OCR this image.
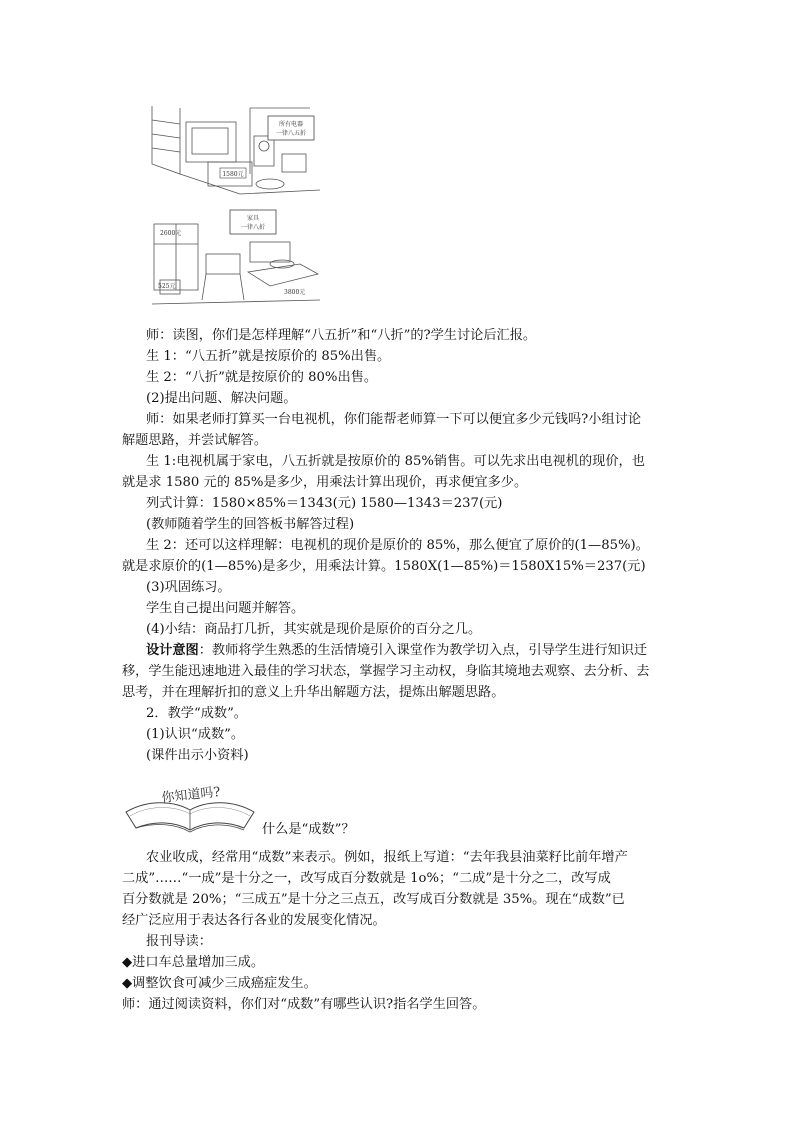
所有电器
一律八五折
1580元
家具
一律八折
2600元
525元
3800元
师：读图，你们是怎样理解“八五折”和“八折”的?学生讨论后汇报。
生 1：“八五折”就是按原价的 85%出售。
生 2：“八折”就是按原价的 80%出售。
(2)提出问题、解决问题。
师：如果老师打算买一台电视机，你们能帮老师算一下可以便宜多少元钱吗?小组讨论
解题思路，并尝试解答。
生 1:电视机属于家电，八五折就是按原价的 85%销售。可以先求出电视机的现价，也
就是求 1580 元的 85%是多少，用乘法计算出现价，再求便宜多少。
列式计算：1580×85%＝1343(元) 1580—1343＝237(元)
(教师随着学生的回答板书解答过程)
生 2：还可以这样理解：电视机的现价是原价的 85%，那么便宜了原价的(1—85%)。
就是求原价的(1—85%)是多少，用乘法计算。1580X(1—85%)＝1580X15%＝237(元)
(3)巩固练习。
学生自己提出问题并解答。
(4)小结：商品打几折，其实就是现价是原价的百分之几。
设计意图：教师将学生熟悉的生活情境引入课堂作为教学切入点，引导学生进行知识迁
移，学生能迅速地进入最佳的学习状态，掌握学习主动权，身临其境地去观察、去分析、去
思考，并在理解折扣的意义上升华出解题方法，提炼出解题思路。
2．教学“成数”。
(1)认识“成数”。
(课件出示小资料)
你知道吗?
什么是“成数”？
农业收成，经常用“成数”来表示。例如，报纸上写道：“去年我县油菜籽比前年增产
二成”……“一成”是十分之一，改写成百分数就是 1o%；“二成”是十分之二，改写成
百分数就是 20%；“三成五”是十分之三点五，改写成百分数就是 35%。现在“成数”已
经广泛应用于表达各行各业的发展变化情况。
报刊导读：
◆进口车总量增加三成。
◆调整饮食可减少三成癌症发生。
师：通过阅读资料，你们对“成数”有哪些认识?指名学生回答。
